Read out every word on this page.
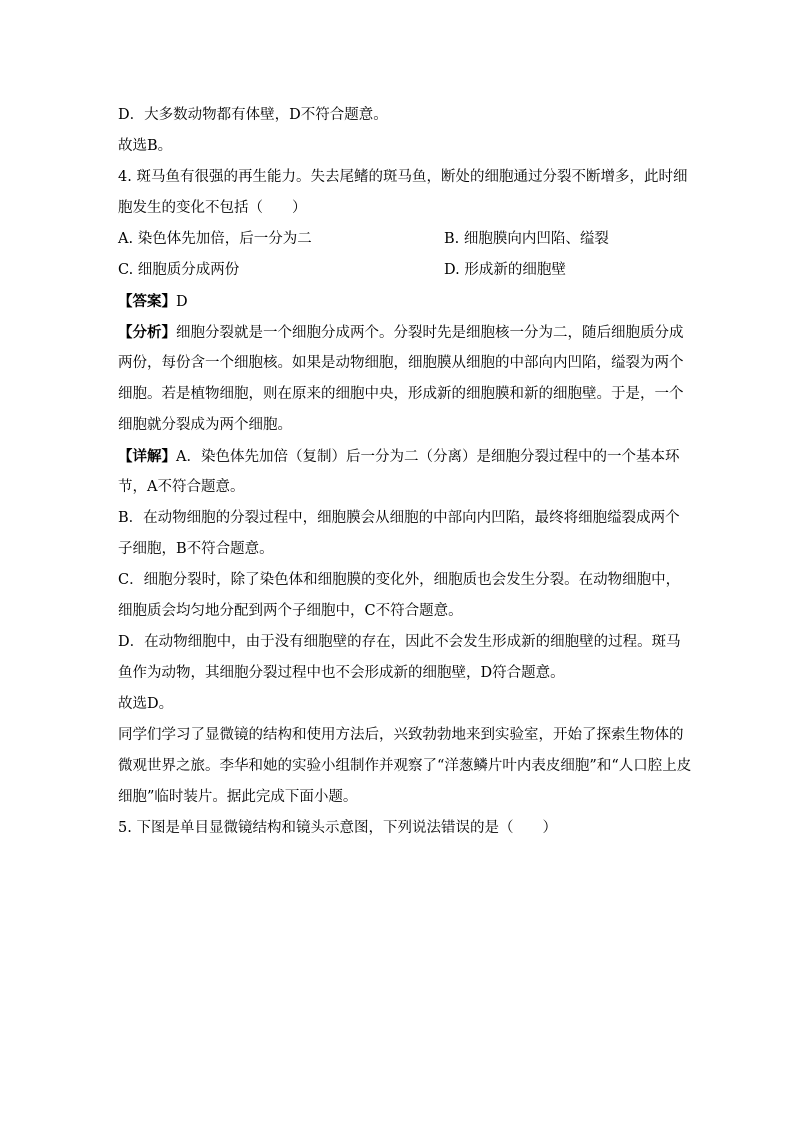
D．大多数动物都有体壁，D不符合题意。
故选B。
4. 斑马鱼有很强的再生能力。失去尾鳍的斑马鱼，断处的细胞通过分裂不断增多，此时细
胞发生的变化不包括（　　）
A. 染色体先加倍，后一分为二	B. 细胞膜向内凹陷、缢裂
C. 细胞质分成两份	D. 形成新的细胞壁
【答案】D
【分析】细胞分裂就是一个细胞分成两个。分裂时先是细胞核一分为二，随后细胞质分成
两份，每份含一个细胞核。如果是动物细胞，细胞膜从细胞的中部向内凹陷，缢裂为两个
细胞。若是植物细胞，则在原来的细胞中央，形成新的细胞膜和新的细胞壁。于是，一个
细胞就分裂成为两个细胞。
【详解】A．染色体先加倍（复制）后一分为二（分离）是细胞分裂过程中的一个基本环
节，A不符合题意。
B．在动物细胞的分裂过程中，细胞膜会从细胞的中部向内凹陷，最终将细胞缢裂成两个
子细胞，B不符合题意。
C．细胞分裂时，除了染色体和细胞膜的变化外，细胞质也会发生分裂。在动物细胞中，
细胞质会均匀地分配到两个子细胞中，C不符合题意。
D．在动物细胞中，由于没有细胞壁的存在，因此不会发生形成新的细胞壁的过程。斑马
鱼作为动物，其细胞分裂过程中也不会形成新的细胞壁，D符合题意。
故选D。
同学们学习了显微镜的结构和使用方法后，兴致勃勃地来到实验室，开始了探索生物体的
微观世界之旅。李华和她的实验小组制作并观察了“洋葱鳞片叶内表皮细胞”和“人口腔上皮
细胞”临时装片。据此完成下面小题。
5. 下图是单目显微镜结构和镜头示意图，下列说法错误的是（　　）
